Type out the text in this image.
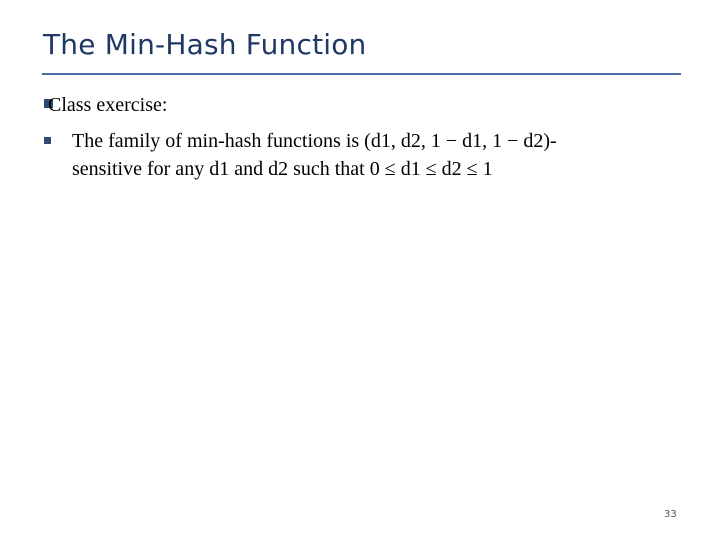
The Min-Hash Function
Class exercise:
The family of min-hash functions is (d1, d2, 1 − d1, 1 − d2)-
sensitive for any d1 and d2 such that 0 ≤ d1 ≤ d2 ≤ 1
33
